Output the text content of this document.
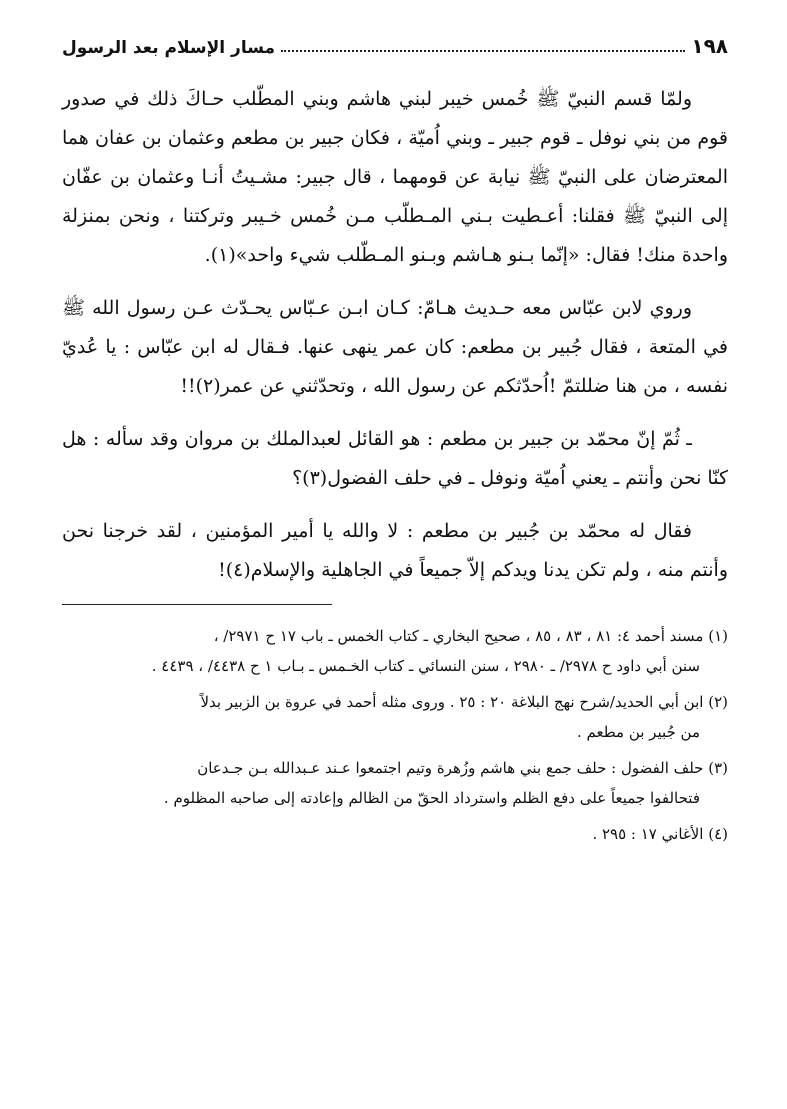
١٩٨
مسار الإسلام بعد الرسول

ولمّا قسم النبيّ ﷺ خُمس خيبر لبني هاشم وبني المطّلب حـاكَ ذلك في صدور قوم من بني نوفل ـ قوم جبير ـ وبني اُميّة ، فكان جبير بن مطعم وعثمان بن عفان هما المعترضان على النبيّ ﷺ نيابة عن قومهما ، قال جبير: مشـيتُ أنـا وعثمان بن عفّان إلى النبيّ ﷺ فقلنا: أعـطيت بـني المـطلّب مـن خُمس خـيبر وتركتنا ، ونحن بمنزلة واحدة منك! فقال: «إنّما بـنو هـاشم وبـنو المـطّلب شيء واحد»(١).

وروي لابن عبّاس معه حـديث هـامّ: كـان ابـن عـبّاس يحـدّث عـن رسول الله ﷺ في المتعة ، فقال جُبير بن مطعم: كان عمر ينهى عنها. فـقال له ابن عبّاس : يا عُديّ نفسه ، من هنا ضللتمّ !اُحدّثكم عن رسول الله ، وتحدّثني عن عمر(٢)!!

ـ ثُمّ إنّ محمّد بن جبير بن مطعم : هو القائل لعبدالملك بن مروان وقد سأله : هل كنّا نحن وأنتم ـ يعني اُميّة ونوفل ـ في حلف الفضول(٣)؟

فقال له محمّد بن جُبير بن مطعم : لا والله يا أمير المؤمنين ، لقد خرجنا نحن وأنتم منه ، ولم تكن يدنا ويدكم إلاّ جميعاً في الجاهلية والإسلام(٤)!

(١) مسند أحمد ٤: ٨١ ، ٨٣ ، ٨٥ ، صحيح البخاري ـ كتاب الخمس ـ باب ١٧ ح ٢٩٧١/ ،
سنن أبي داود ح ٢٩٧٨/ ـ ٢٩٨٠ ، سنن النسائي ـ كتاب الخـمس ـ بـاب ١ ح ٤٤٣٨/ ، ٤٤٣٩ .

(٢) ابن أبي الحديد/شرح نهج البلاغة ٢٠ : ٢٥ . وروى مثله أحمد في عروة بن الزبير بدلاً
من جُبير بن مطعم .

(٣) حلف الفضول : حلف جمع بني هاشم وزُهرة وتيم اجتمعوا عـند عـبدالله بـن جـدعان
فتحالفوا جميعاً على دفع الظلم واسترداد الحقّ من الظالم وإعادته إلى صاحبه المظلوم .

(٤) الأغاني ١٧ : ٢٩٥ .
